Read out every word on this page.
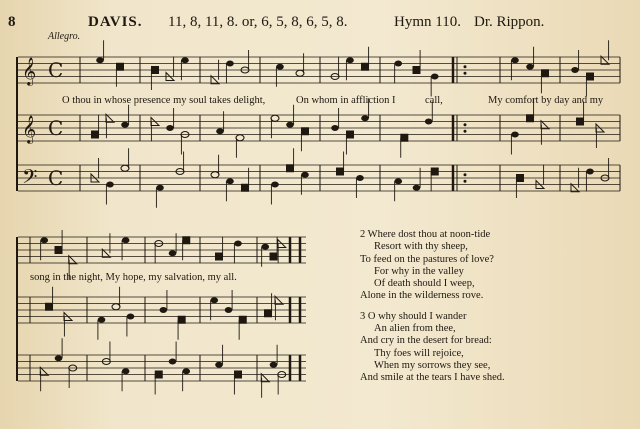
8	DAVIS. 11, 8, 11, 8. or, 6, 5, 8, 6, 5, 8.	Hymn 110. Dr. Rippon.
Allegro.
𝄞 C
𝄞 C
𝄢 C
O thou in whose presence my soul takes delight,	On whom in affliction I	call,	My comfort by day and my
song in the night, My hope, my salvation, my all.
2 Where dost thou at noon-tide
Resort with thy sheep,
To feed on the pastures of love?
For why in the valley
Of death should I weep,
Alone in the wilderness rove.
3 O why should I wander
An alien from thee,
And cry in the desert for bread:
Thy foes will rejoice,
When my sorrows they see,
And smile at the tears I have shed.
